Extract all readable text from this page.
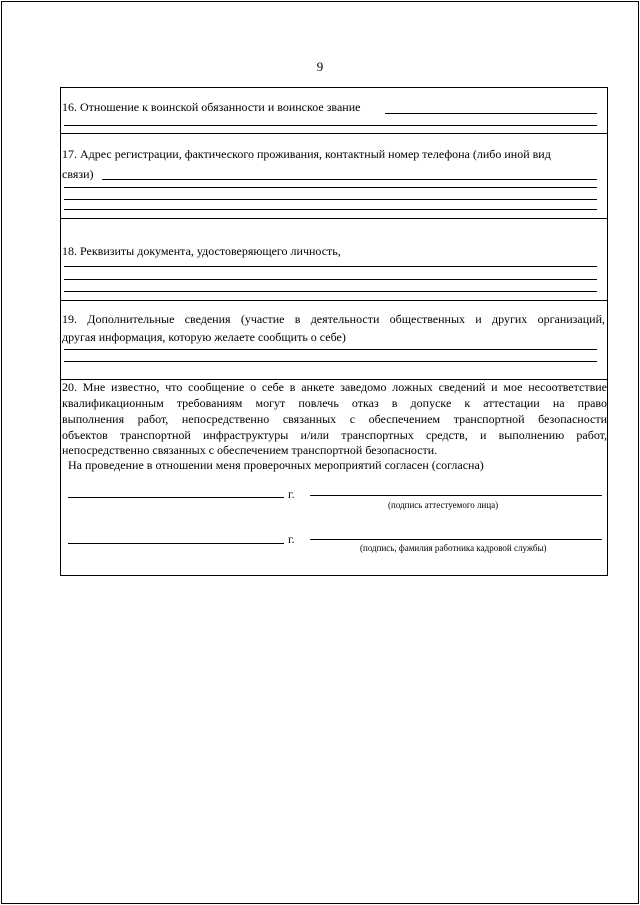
9
16. Отношение к воинской обязанности и воинское звание
17. Адрес регистрации, фактического проживания, контактный номер телефона (либо иной вид
связи)
18. Реквизиты документа, удостоверяющего личность,
19. Дополнительные сведения (участие в деятельности общественных и других организаций,
другая информация, которую желаете сообщить о себе)
20. Мне известно, что сообщение о себе в анкете заведомо ложных сведений и мое несоответствие
квалификационным требованиям могут повлечь отказ в допуске к аттестации на право
выполнения работ, непосредственно связанных с обеспечением транспортной безопасности
объектов транспортной инфраструктуры и/или транспортных средств, и выполнению работ,
непосредственно связанных с обеспечением транспортной безопасности.
На проведение в отношении меня проверочных мероприятий согласен (согласна)
г.
(подпись аттестуемого лица)
г.
(подпись, фамилия работника кадровой службы)
